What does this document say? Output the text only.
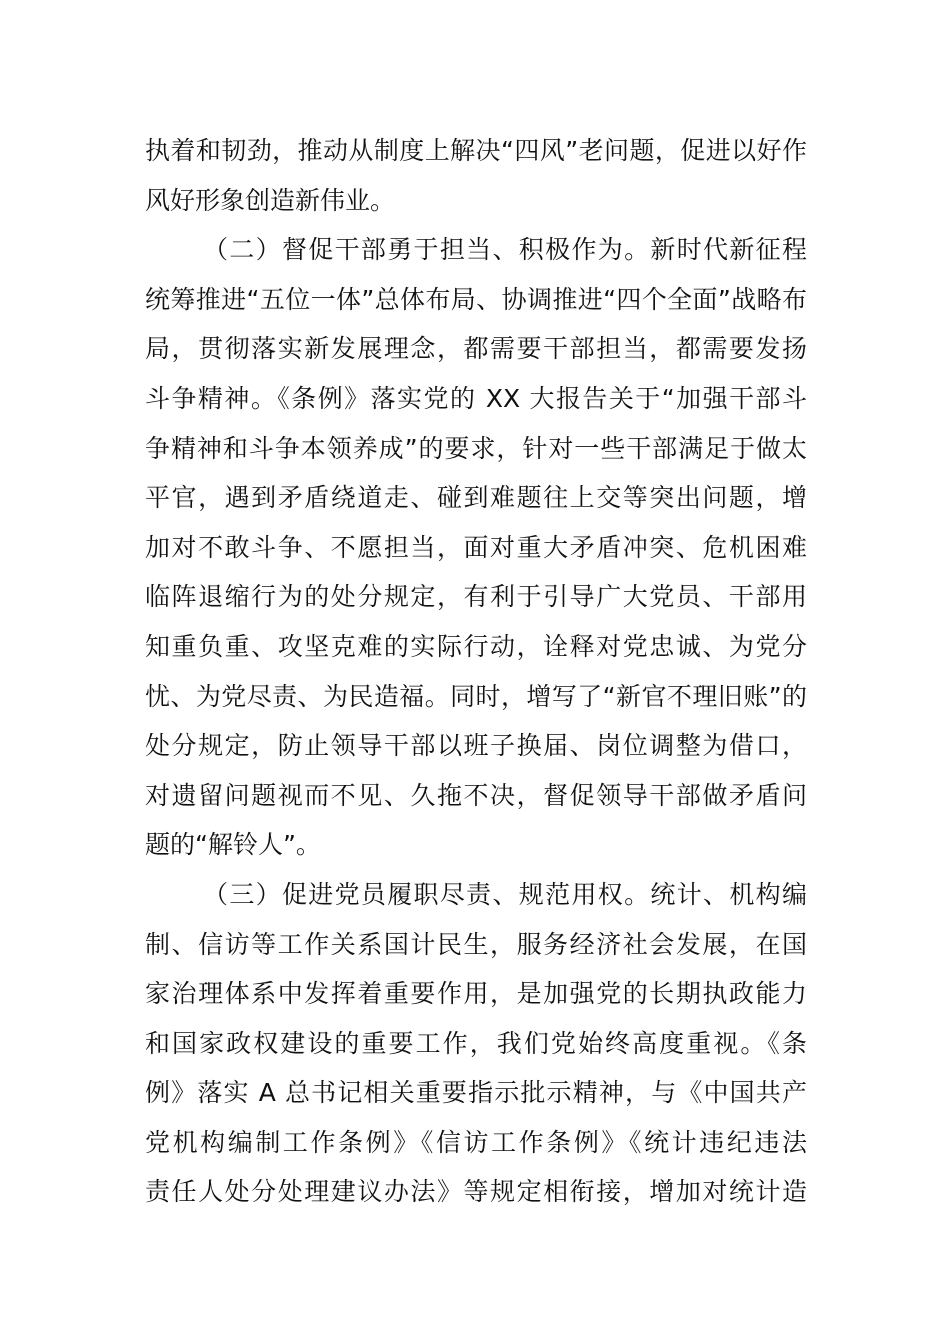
执着和韧劲，推动从制度上解决“四风”老问题，促进以好作
风好形象创造新伟业。
（二）督促干部勇于担当、积极作为。新时代新征程
统筹推进“五位一体”总体布局、协调推进“四个全面”战略布
局，贯彻落实新发展理念，都需要干部担当，都需要发扬
斗争精神。《条例》落实党的 XX 大报告关于“加强干部斗
争精神和斗争本领养成”的要求，针对一些干部满足于做太
平官，遇到矛盾绕道走、碰到难题往上交等突出问题，增
加对不敢斗争、不愿担当，面对重大矛盾冲突、危机困难
临阵退缩行为的处分规定，有利于引导广大党员、干部用
知重负重、攻坚克难的实际行动，诠释对党忠诚、为党分
忧、为党尽责、为民造福。同时，增写了“新官不理旧账”的
处分规定，防止领导干部以班子换届、岗位调整为借口，
对遗留问题视而不见、久拖不决，督促领导干部做矛盾问
题的“解铃人”。
（三）促进党员履职尽责、规范用权。统计、机构编
制、信访等工作关系国计民生，服务经济社会发展，在国
家治理体系中发挥着重要作用，是加强党的长期执政能力
和国家政权建设的重要工作，我们党始终高度重视。《条
例》落实 A 总书记相关重要指示批示精神，与《中国共产
党机构编制工作条例》《信访工作条例》《统计违纪违法
责任人处分处理建议办法》等规定相衔接，增加对统计造
